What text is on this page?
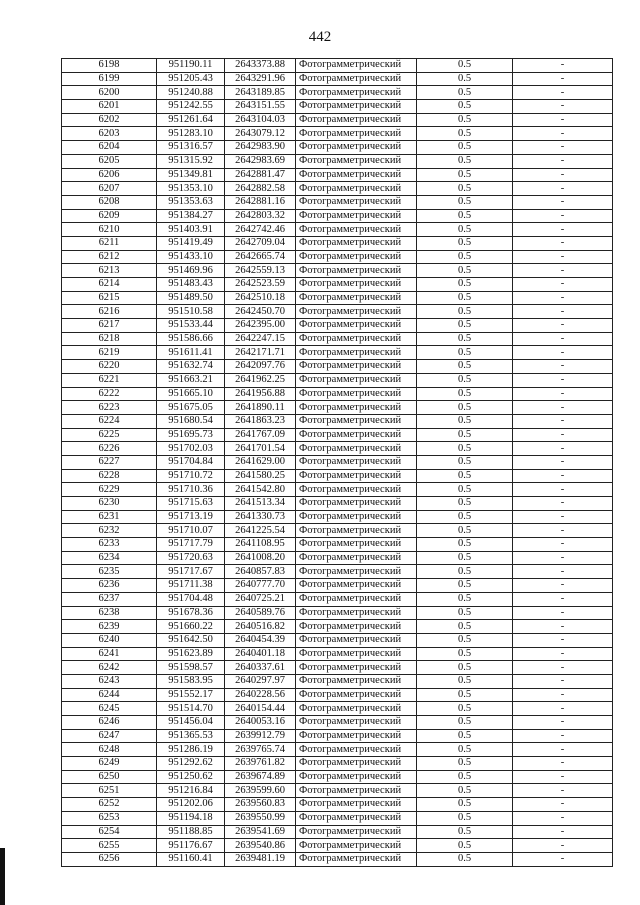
442
6198	951190.11	2643373.88	Фотограмметрический	0.5	-
6199	951205.43	2643291.96	Фотограмметрический	0.5	-
6200	951240.88	2643189.85	Фотограмметрический	0.5	-
6201	951242.55	2643151.55	Фотограмметрический	0.5	-
6202	951261.64	2643104.03	Фотограмметрический	0.5	-
6203	951283.10	2643079.12	Фотограмметрический	0.5	-
6204	951316.57	2642983.90	Фотограмметрический	0.5	-
6205	951315.92	2642983.69	Фотограмметрический	0.5	-
6206	951349.81	2642881.47	Фотограмметрический	0.5	-
6207	951353.10	2642882.58	Фотограмметрический	0.5	-
6208	951353.63	2642881.16	Фотограмметрический	0.5	-
6209	951384.27	2642803.32	Фотограмметрический	0.5	-
6210	951403.91	2642742.46	Фотограмметрический	0.5	-
6211	951419.49	2642709.04	Фотограмметрический	0.5	-
6212	951433.10	2642665.74	Фотограмметрический	0.5	-
6213	951469.96	2642559.13	Фотограмметрический	0.5	-
6214	951483.43	2642523.59	Фотограмметрический	0.5	-
6215	951489.50	2642510.18	Фотограмметрический	0.5	-
6216	951510.58	2642450.70	Фотограмметрический	0.5	-
6217	951533.44	2642395.00	Фотограмметрический	0.5	-
6218	951586.66	2642247.15	Фотограмметрический	0.5	-
6219	951611.41	2642171.71	Фотограмметрический	0.5	-
6220	951632.74	2642097.76	Фотограмметрический	0.5	-
6221	951663.21	2641962.25	Фотограмметрический	0.5	-
6222	951665.10	2641956.88	Фотограмметрический	0.5	-
6223	951675.05	2641890.11	Фотограмметрический	0.5	-
6224	951680.54	2641863.23	Фотограмметрический	0.5	-
6225	951695.73	2641767.09	Фотограмметрический	0.5	-
6226	951702.03	2641701.54	Фотограмметрический	0.5	-
6227	951704.84	2641629.00	Фотограмметрический	0.5	-
6228	951710.72	2641580.25	Фотограмметрический	0.5	-
6229	951710.36	2641542.80	Фотограмметрический	0.5	-
6230	951715.63	2641513.34	Фотограмметрический	0.5	-
6231	951713.19	2641330.73	Фотограмметрический	0.5	-
6232	951710.07	2641225.54	Фотограмметрический	0.5	-
6233	951717.79	2641108.95	Фотограмметрический	0.5	-
6234	951720.63	2641008.20	Фотограмметрический	0.5	-
6235	951717.67	2640857.83	Фотограмметрический	0.5	-
6236	951711.38	2640777.70	Фотограмметрический	0.5	-
6237	951704.48	2640725.21	Фотограмметрический	0.5	-
6238	951678.36	2640589.76	Фотограмметрический	0.5	-
6239	951660.22	2640516.82	Фотограмметрический	0.5	-
6240	951642.50	2640454.39	Фотограмметрический	0.5	-
6241	951623.89	2640401.18	Фотограмметрический	0.5	-
6242	951598.57	2640337.61	Фотограмметрический	0.5	-
6243	951583.95	2640297.97	Фотограмметрический	0.5	-
6244	951552.17	2640228.56	Фотограмметрический	0.5	-
6245	951514.70	2640154.44	Фотограмметрический	0.5	-
6246	951456.04	2640053.16	Фотограмметрический	0.5	-
6247	951365.53	2639912.79	Фотограмметрический	0.5	-
6248	951286.19	2639765.74	Фотограмметрический	0.5	-
6249	951292.62	2639761.82	Фотограмметрический	0.5	-
6250	951250.62	2639674.89	Фотограмметрический	0.5	-
6251	951216.84	2639599.60	Фотограмметрический	0.5	-
6252	951202.06	2639560.83	Фотограмметрический	0.5	-
6253	951194.18	2639550.99	Фотограмметрический	0.5	-
6254	951188.85	2639541.69	Фотограмметрический	0.5	-
6255	951176.67	2639540.86	Фотограмметрический	0.5	-
6256	951160.41	2639481.19	Фотограмметрический	0.5	-
